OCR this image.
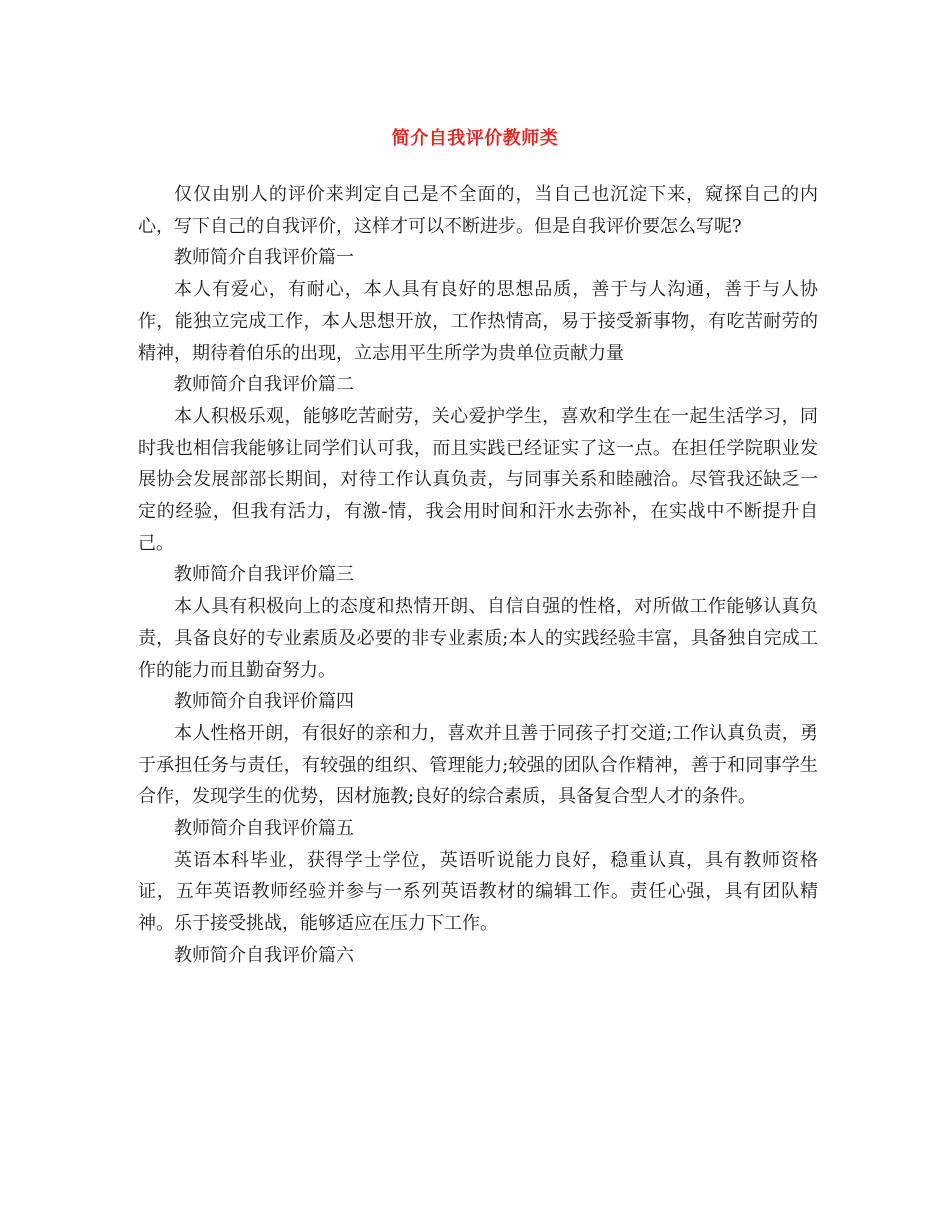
简介自我评价教师类

仅仅由别人的评价来判定自己是不全面的，当自己也沉淀下来，窥探自己的内心，写下自己的自我评价，这样才可以不断进步。但是自我评价要怎么写呢?

教师简介自我评价篇一

本人有爱心，有耐心，本人具有良好的思想品质，善于与人沟通，善于与人协作，能独立完成工作，本人思想开放，工作热情高，易于接受新事物，有吃苦耐劳的精神，期待着伯乐的出现，立志用平生所学为贵单位贡献力量

教师简介自我评价篇二

本人积极乐观，能够吃苦耐劳，关心爱护学生，喜欢和学生在一起生活学习，同时我也相信我能够让同学们认可我，而且实践已经证实了这一点。在担任学院职业发展协会发展部部长期间，对待工作认真负责，与同事关系和睦融洽。尽管我还缺乏一定的经验，但我有活力，有激-情，我会用时间和汗水去弥补，在实战中不断提升自己。

教师简介自我评价篇三

本人具有积极向上的态度和热情开朗、自信自强的性格，对所做工作能够认真负责，具备良好的专业素质及必要的非专业素质;本人的实践经验丰富，具备独自完成工作的能力而且勤奋努力。

教师简介自我评价篇四

本人性格开朗，有很好的亲和力，喜欢并且善于同孩子打交道;工作认真负责，勇于承担任务与责任，有较强的组织、管理能力;较强的团队合作精神，善于和同事学生合作，发现学生的优势，因材施教;良好的综合素质，具备复合型人才的条件。

教师简介自我评价篇五

英语本科毕业，获得学士学位，英语听说能力良好，稳重认真，具有教师资格证，五年英语教师经验并参与一系列英语教材的编辑工作。责任心强，具有团队精神。乐于接受挑战，能够适应在压力下工作。

教师简介自我评价篇六
